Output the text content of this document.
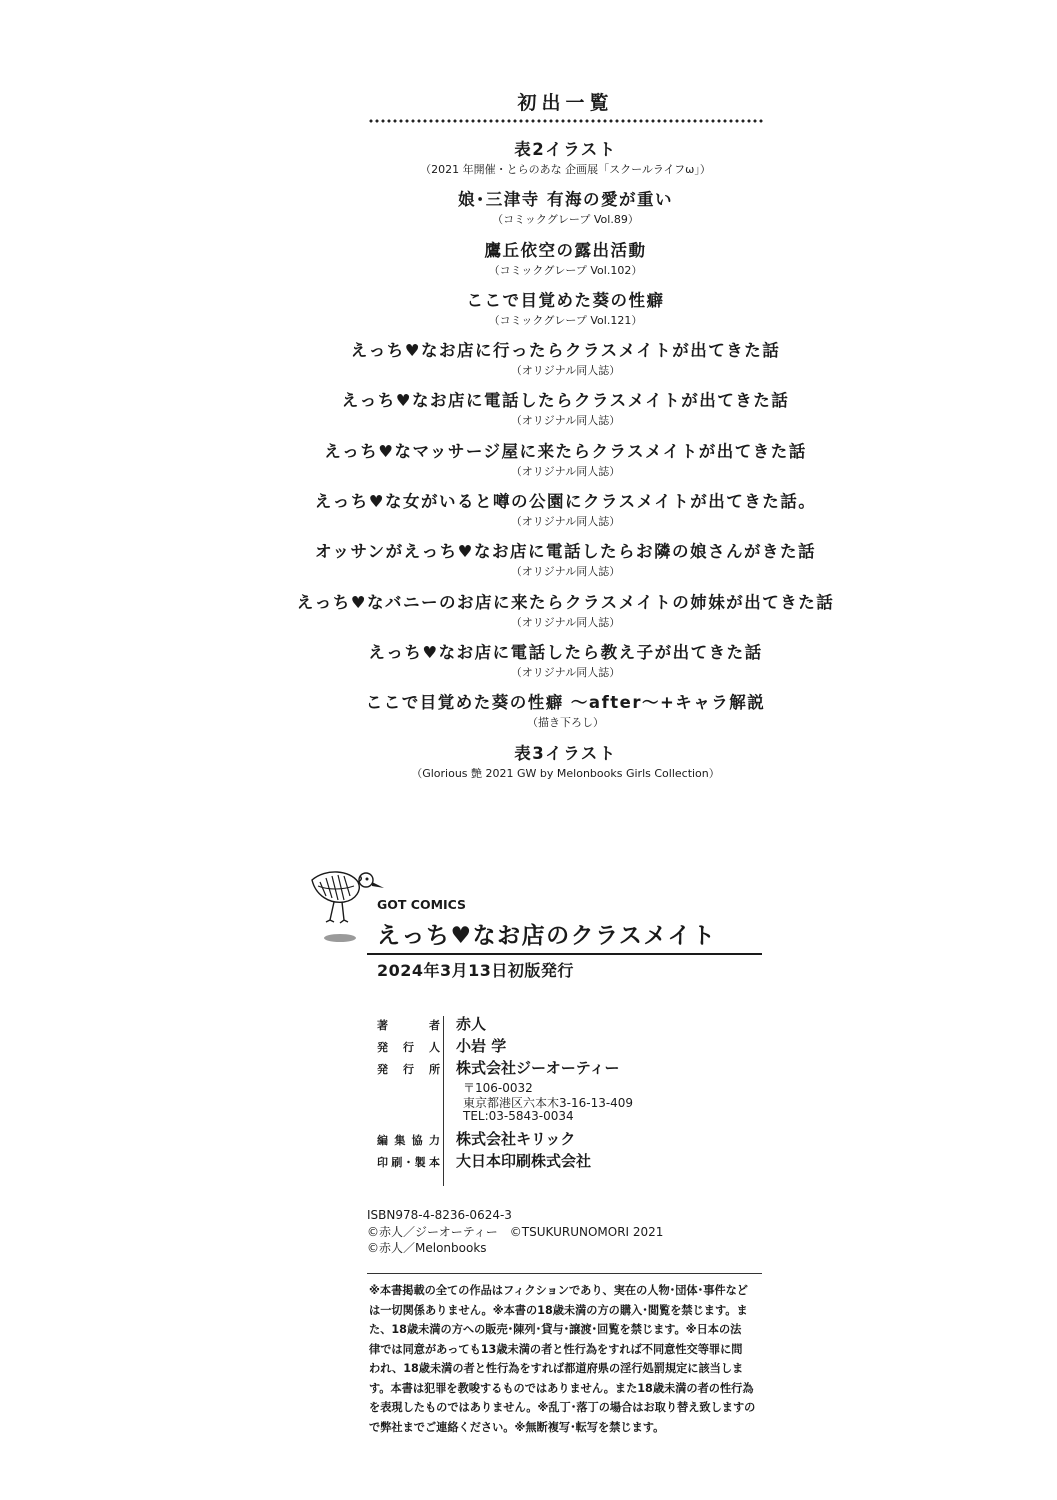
初出一覧
表2イラスト
（2021 年開催・とらのあな 企画展「スクールライフω」）
娘･三津寺 有海の愛が重い
（コミックグレープ Vol.89）
鷹丘依空の露出活動
（コミックグレープ Vol.102）
ここで目覚めた葵の性癖
（コミックグレープ Vol.121）
えっち♥なお店に行ったらクラスメイトが出てきた話
（オリジナル同人誌）
えっち♥なお店に電話したらクラスメイトが出てきた話
（オリジナル同人誌）
えっち♥なマッサージ屋に来たらクラスメイトが出てきた話
（オリジナル同人誌）
えっち♥な女がいると噂の公園にクラスメイトが出てきた話。
（オリジナル同人誌）
オッサンがえっち♥なお店に電話したらお隣の娘さんがきた話
（オリジナル同人誌）
えっち♥なバニーのお店に来たらクラスメイトの姉妹が出てきた話
（オリジナル同人誌）
えっち♥なお店に電話したら教え子が出てきた話
（オリジナル同人誌）
ここで目覚めた葵の性癖 ～after～+キャラ解説
（描き下ろし）
表3イラスト
（Glorious 艶 2021 GW by Melonbooks Girls Collection）
GOT COMICS
えっち♥なお店のクラスメイト
2024年3月13日初版発行
著者 赤人
発行人 小岩 学
発行所 株式会社ジーオーティー
〒106-0032
東京都港区六本木3-16-13-409
TEL:03-5843-0034
編集協力 株式会社キリック
印刷･製本 大日本印刷株式会社
ISBN978-4-8236-0624-3
©赤人／ジーオーティー　©TSUKURUNOMORI 2021
©赤人／Melonbooks
※本書掲載の全ての作品はフィクションであり、実在の人物･団体･事件など
は一切関係ありません。※本書の18歳未満の方の購入･閲覧を禁じます。ま
た、18歳未満の方への販売･陳列･貸与･譲渡･回覧を禁じます。※日本の法
律では同意があっても13歳未満の者と性行為をすれば不同意性交等罪に問
われ、18歳未満の者と性行為をすれば都道府県の淫行処罰規定に該当しま
す。本書は犯罪を教唆するものではありません。また18歳未満の者の性行為
を表現したものではありません。※乱丁･落丁の場合はお取り替え致しますの
で弊社までご連絡ください。※無断複写･転写を禁じます。
